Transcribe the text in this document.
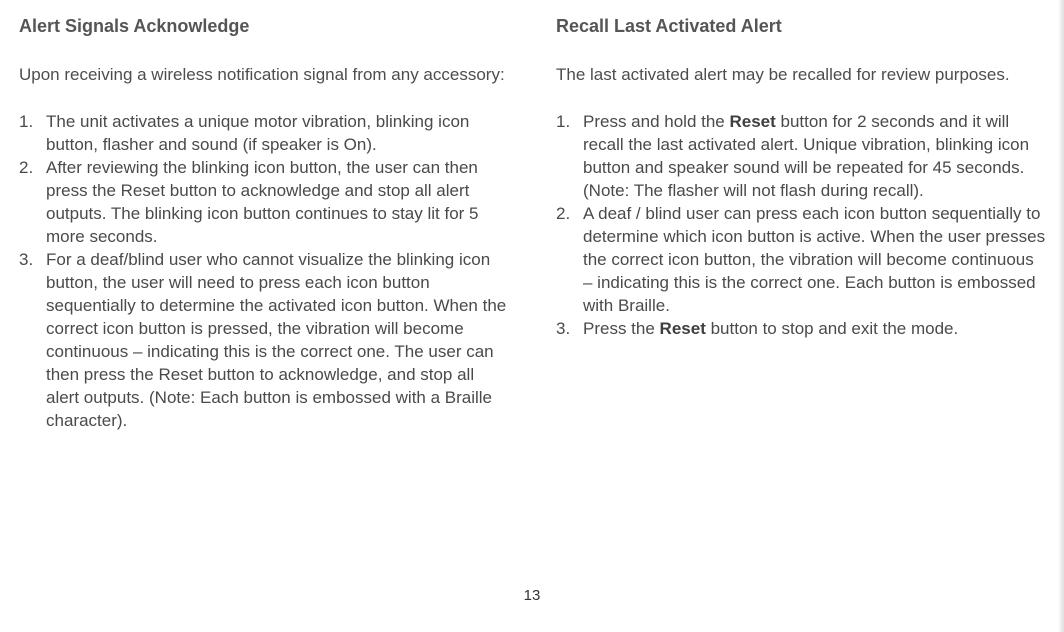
Alert Signals Acknowledge

Upon receiving a wireless notification signal from any accessory:

1. The unit activates a unique motor vibration, blinking icon button, flasher and sound (if speaker is On).
2. After reviewing the blinking icon button, the user can then press the Reset button to acknowledge and stop all alert outputs. The blinking icon button continues to stay lit for 5 more seconds.
3. For a deaf/blind user who cannot visualize the blinking icon button, the user will need to press each icon button sequentially to determine the activated icon button. When the correct icon button is pressed, the vibration will become continuous – indicating this is the correct one. The user can then press the Reset button to acknowledge, and stop all alert outputs. (Note: Each button is embossed with a Braille character).
Recall Last Activated Alert

The last activated alert may be recalled for review purposes.

1. Press and hold the Reset button for 2 seconds and it will recall the last activated alert. Unique vibration, blinking icon button and speaker sound will be repeated for 45 seconds. (Note: The flasher will not flash during recall).
2. A deaf / blind user can press each icon button sequentially to determine which icon button is active. When the user presses the correct icon button, the vibration will become continuous – indicating this is the correct one. Each button is embossed with Braille.
3. Press the Reset button to stop and exit the mode.
13
